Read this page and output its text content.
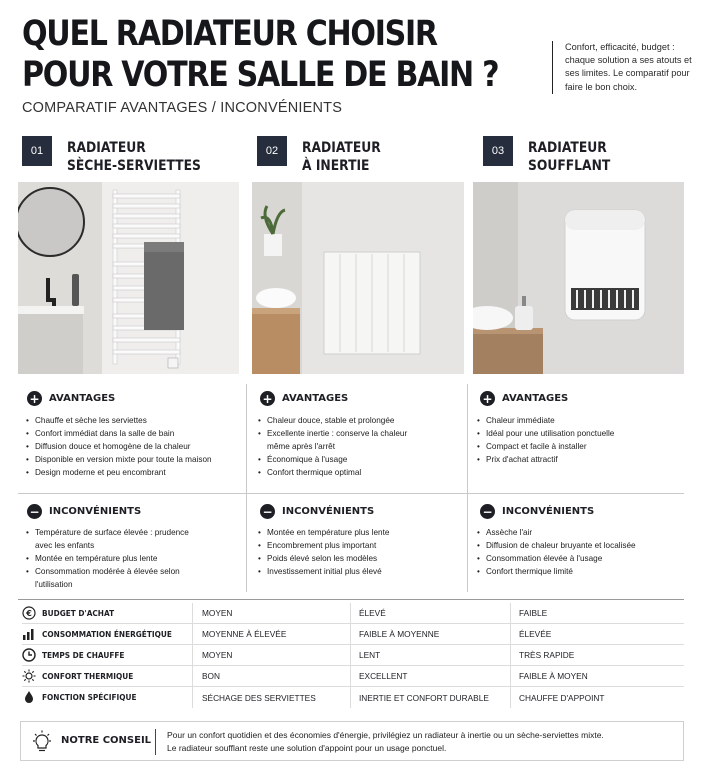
QUEL RADIATEUR CHOISIR
POUR VOTRE SALLE DE BAIN ?
COMPARATIF AVANTAGES / INCONVÉNIENTS
Confort, efficacité, budget : chaque solution a ses atouts et ses limites. Le comparatif pour faire le bon choix.
01	RADIATEUR
SÈCHE-SERVIETTES
02	RADIATEUR
À INERTIE
03	RADIATEUR
SOUFFLANT
+ AVANTAGES
• Chauffe et sèche les serviettes
• Confort immédiat dans la salle de bain
• Diffusion douce et homogène de la chaleur
• Disponible en version mixte pour toute la maison
• Design moderne et peu encombrant
− INCONVÉNIENTS
• Température de surface élevée : prudence avec les enfants
• Montée en température plus lente
• Consommation modérée à élevée selon l'utilisation
+ AVANTAGES
• Chaleur douce, stable et prolongée
• Excellente inertie : conserve la chaleur même après l'arrêt
• Économique à l'usage
• Confort thermique optimal
− INCONVÉNIENTS
• Montée en température plus lente
• Encombrement plus important
• Poids élevé selon les modèles
• Investissement initial plus élevé
+ AVANTAGES
• Chaleur immédiate
• Idéal pour une utilisation ponctuelle
• Compact et facile à installer
• Prix d'achat attractif
− INCONVÉNIENTS
• Assèche l'air
• Diffusion de chaleur bruyante et localisée
• Consommation élevée à l'usage
• Confort thermique limité
€ BUDGET D'ACHAT	MOYEN	ÉLEVÉ	FAIBLE
CONSOMMATION ÉNERGÉTIQUE	MOYENNE À ÉLEVÉE	FAIBLE À MOYENNE	ÉLEVÉE
TEMPS DE CHAUFFE	MOYEN	LENT	TRÈS RAPIDE
CONFORT THERMIQUE	BON	EXCELLENT	FAIBLE À MOYEN
FONCTION SPÉCIFIQUE	SÉCHAGE DES SERVIETTES	INERTIE ET CONFORT DURABLE	CHAUFFE D'APPOINT
NOTRE CONSEIL Pour un confort quotidien et des économies d'énergie, privilégiez un radiateur à inertie ou un sèche-serviettes mixte.
Le radiateur soufflant reste une solution d'appoint pour un usage ponctuel.
